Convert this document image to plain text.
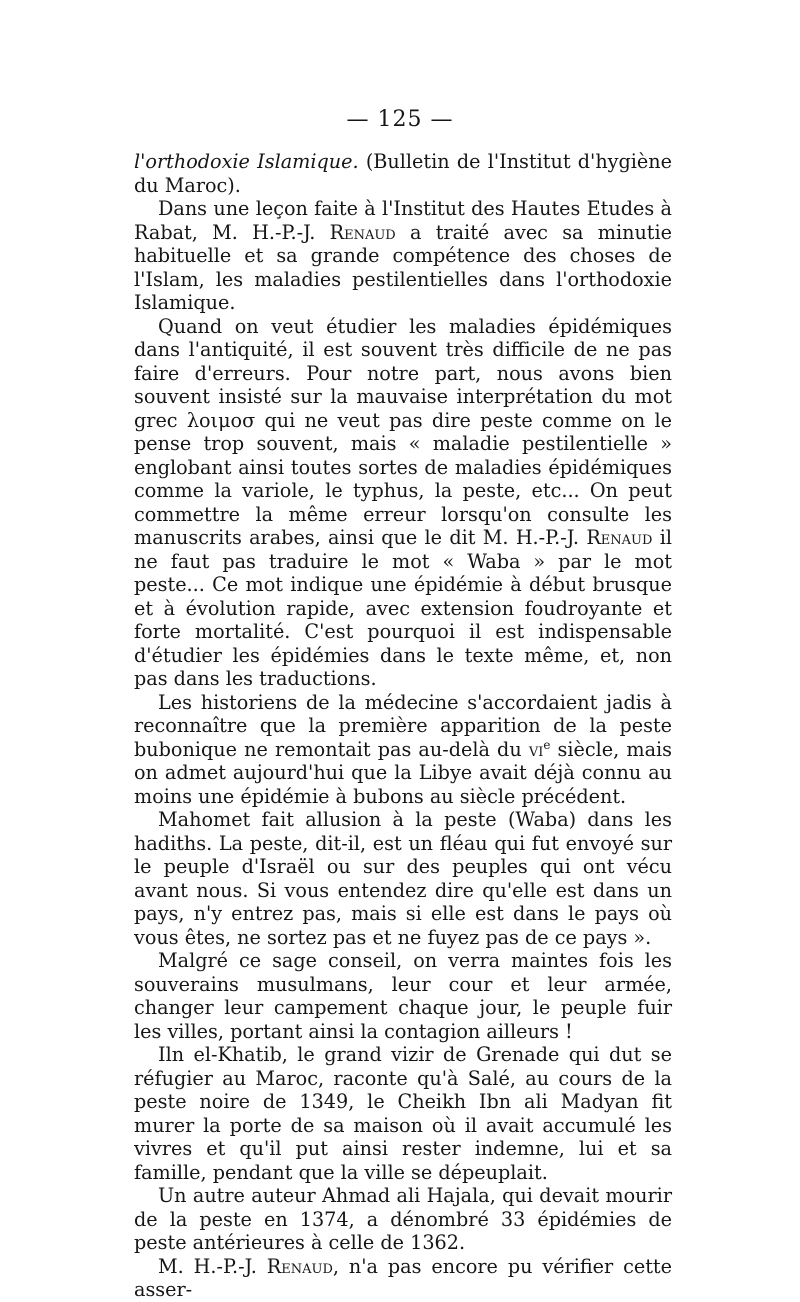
— 125 —

l'orthodoxie Islamique. (Bulletin de l'Institut d'hygiène du Maroc).

Dans une leçon faite à l'Institut des Hautes Etudes à Rabat, M. H.-P.-J. Renaud a traité avec sa minutie habituelle et sa grande compétence des choses de l'Islam, les maladies pestilentielles dans l'orthodoxie Islamique.

Quand on veut étudier les maladies épidémiques dans l'antiquité, il est souvent très difficile de ne pas faire d'erreurs. Pour notre part, nous avons bien souvent insisté sur la mauvaise interprétation du mot grec λοιμοσ qui ne veut pas dire peste comme on le pense trop souvent, mais « maladie pestilentielle » englobant ainsi toutes sortes de maladies épidémiques comme la variole, le typhus, la peste, etc... On peut commettre la même erreur lorsqu'on consulte les manuscrits arabes, ainsi que le dit M. H.-P.-J. Renaud il ne faut pas traduire le mot « Waba » par le mot peste... Ce mot indique une épidémie à début brusque et à évolution rapide, avec extension foudroyante et forte mortalité. C'est pourquoi il est indispensable d'étudier les épidémies dans le texte même, et, non pas dans les traductions.

Les historiens de la médecine s'accordaient jadis à reconnaître que la première apparition de la peste bubonique ne remontait pas au-delà du $vi^e$ siècle, mais on admet aujourd'hui que la Libye avait déjà connu au moins une épidémie à bubons au siècle précédent.

Mahomet fait allusion à la peste (Waba) dans les hadiths. La peste, dit-il, est un fléau qui fut envoyé sur le peuple d'Israël ou sur des peuples qui ont vécu avant nous. Si vous entendez dire qu'elle est dans un pays, n'y entrez pas, mais si elle est dans le pays où vous êtes, ne sortez pas et ne fuyez pas de ce pays ».

Malgré ce sage conseil, on verra maintes fois les souverains musulmans, leur cour et leur armée, changer leur campement chaque jour, le peuple fuir les villes, portant ainsi la contagion ailleurs !

Iln el-Khatib, le grand vizir de Grenade qui dut se réfugier au Maroc, raconte qu'à Salé, au cours de la peste noire de 1349, le Cheikh Ibn ali Madyan fit murer la porte de sa maison où il avait accumulé les vivres et qu'il put ainsi rester indemne, lui et sa famille, pendant que la ville se dépeuplait.

Un autre auteur Ahmad ali Hajala, qui devait mourir de la peste en 1374, a dénombré 33 épidémies de peste antérieures à celle de 1362.

M. H.-P.-J. Renaud, n'a pas encore pu vérifier cette asser-
